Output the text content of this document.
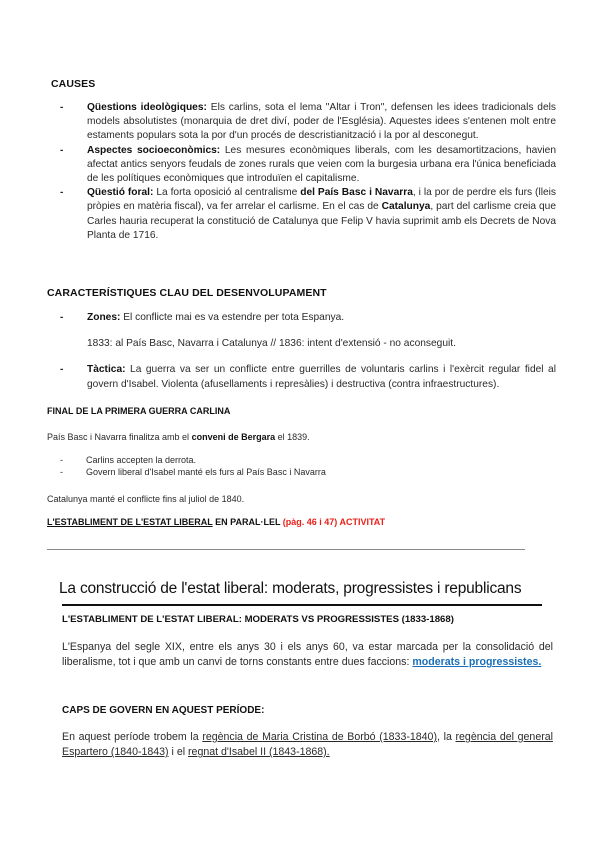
CAUSES
- Qüestions ideològiques: Els carlins, sota el lema "Altar i Tron", defensen les idees tradicionals dels models absolutistes (monarquia de dret diví, poder de l'Església). Aquestes idees s'entenen molt entre estaments populars sota la por d'un procés de descristianització i la por al desconegut.
- Aspectes socioeconòmics: Les mesures econòmiques liberals, com les desamortitzacions, havien afectat antics senyors feudals de zones rurals que veien com la burgesia urbana era l'única beneficiada de les polítiques econòmiques que introduïen el capitalisme.
- Qüestió foral: La forta oposició al centralisme del País Basc i Navarra, i la por de perdre els furs (lleis pròpies en matèria fiscal), va fer arrelar el carlisme. En el cas de Catalunya, part del carlisme creia que Carles hauria recuperat la constitució de Catalunya que Felip V havia suprimit amb els Decrets de Nova Planta de 1716.
CARACTERÍSTIQUES CLAU DEL DESENVOLUPAMENT
- Zones: El conflicte mai es va estendre per tota Espanya.
1833: al País Basc, Navarra i Catalunya // 1836: intent d'extensió - no aconseguit.
- Tàctica: La guerra va ser un conflicte entre guerrilles de voluntaris carlins i l'exèrcit regular fidel al govern d'Isabel. Violenta (afusellaments i represàlies) i destructiva (contra infraestructures).
FINAL DE LA PRIMERA GUERRA CARLINA
País Basc i Navarra finalitza amb el conveni de Bergara el 1839.
-	Carlins accepten la derrota.
-	Govern liberal d'Isabel manté els furs al País Basc i Navarra
Catalunya manté el conflicte fins al juliol de 1840.
L'ESTABLIMENT DE L'ESTAT LIBERAL EN PARAL·LEL (pàg. 46 i 47) ACTIVITAT
La construcció de l'estat liberal: moderats, progressistes i republicans
L'ESTABLIMENT DE L'ESTAT LIBERAL: MODERATS VS PROGRESSISTES (1833-1868)
L'Espanya del segle XIX, entre els anys 30 i els anys 60, va estar marcada per la consolidació del liberalisme, tot i que amb un canvi de torns constants entre dues faccions: moderats i progressistes.
CAPS DE GOVERN EN AQUEST PERÍODE:
En aquest període trobem la regència de Maria Cristina de Borbó (1833-1840), la regència del general Espartero (1840-1843) i el regnat d'Isabel II (1843-1868).
